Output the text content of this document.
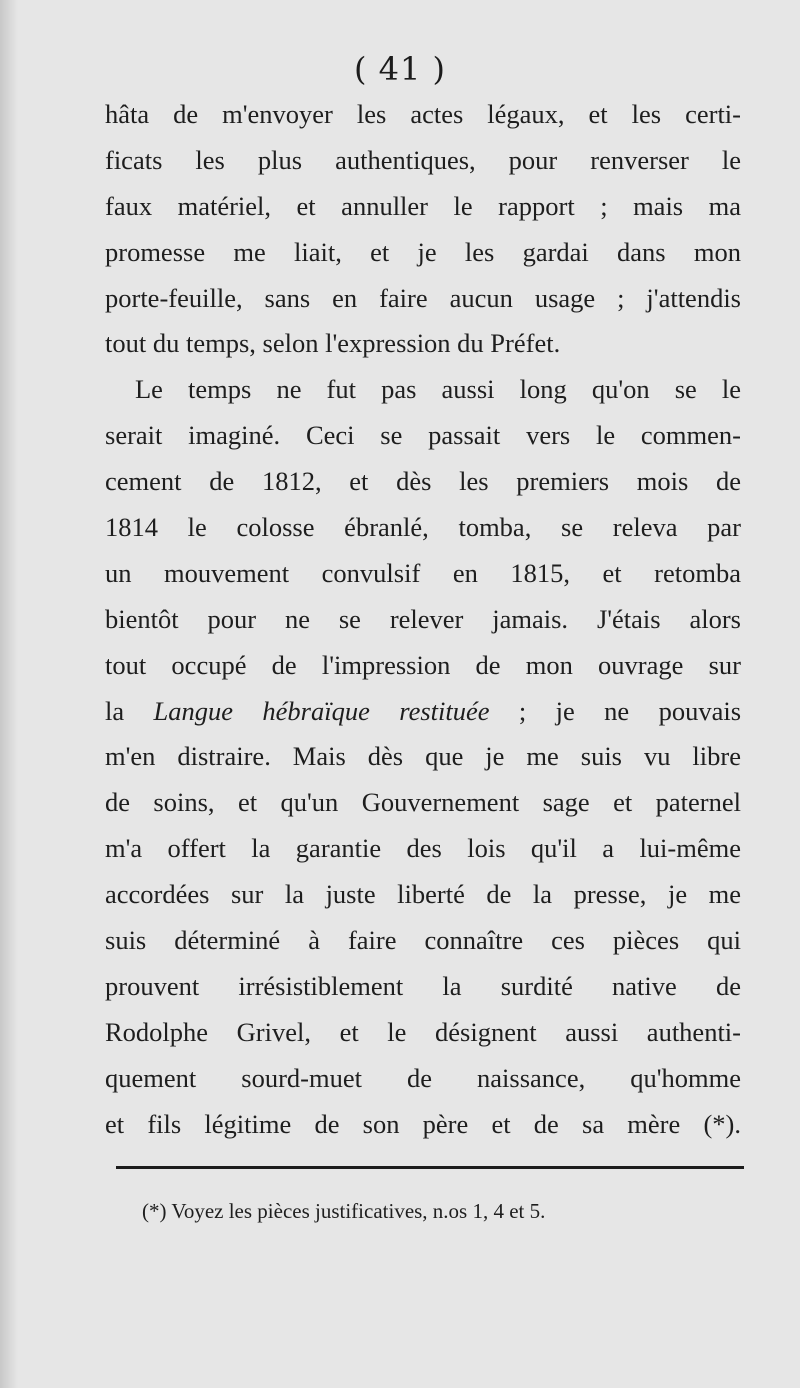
( 41 )
hâta de m'envoyer les actes légaux, et les certi-
ficats les plus authentiques, pour renverser le
faux matériel, et annuller le rapport ; mais ma
promesse me liait, et je les gardai dans mon
porte-feuille, sans en faire aucun usage ; j'attendis
tout du temps, selon l'expression du Préfet.
Le temps ne fut pas aussi long qu'on se le
serait imaginé. Ceci se passait vers le commen-
cement de 1812, et dès les premiers mois de
1814 le colosse ébranlé, tomba, se releva par
un mouvement convulsif en 1815, et retomba
bientôt pour ne se relever jamais. J'étais alors
tout occupé de l'impression de mon ouvrage sur
la Langue hébraïque restituée ; je ne pouvais
m'en distraire. Mais dès que je me suis vu libre
de soins, et qu'un Gouvernement sage et paternel
m'a offert la garantie des lois qu'il a lui-même
accordées sur la juste liberté de la presse, je me
suis déterminé à faire connaître ces pièces qui
prouvent irrésistiblement la surdité native de
Rodolphe Grivel, et le désignent aussi authenti-
quement sourd-muet de naissance, qu'homme
et fils légitime de son père et de sa mère (*).
(*) Voyez les pièces justificatives, n.os 1, 4 et 5.
